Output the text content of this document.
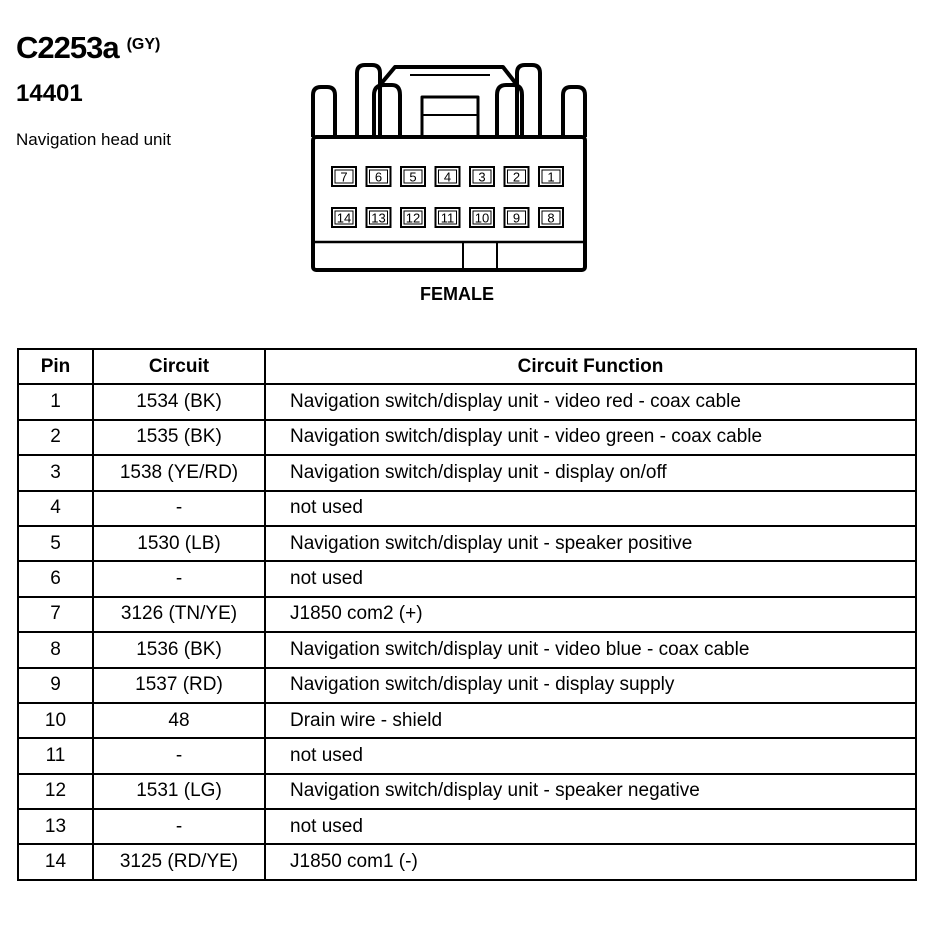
C2253a $^{(GY)}$
14401
Navigation head unit
7 6 5 4 3 2 1
14 13 12 11 10 9 8
FEMALE
Pin	Circuit	Circuit Function
1	1534 (BK)	Navigation switch/display unit - video red - coax cable
2	1535 (BK)	Navigation switch/display unit - video green - coax cable
3	1538 (YE/RD)	Navigation switch/display unit - display on/off
4	-	not used
5	1530 (LB)	Navigation switch/display unit - speaker positive
6	-	not used
7	3126 (TN/YE)	J1850 com2 (+)
8	1536 (BK)	Navigation switch/display unit - video blue - coax cable
9	1537 (RD)	Navigation switch/display unit - display supply
10	48	Drain wire - shield
11	-	not used
12	1531 (LG)	Navigation switch/display unit - speaker negative
13	-	not used
14	3125 (RD/YE)	J1850 com1 (-)
